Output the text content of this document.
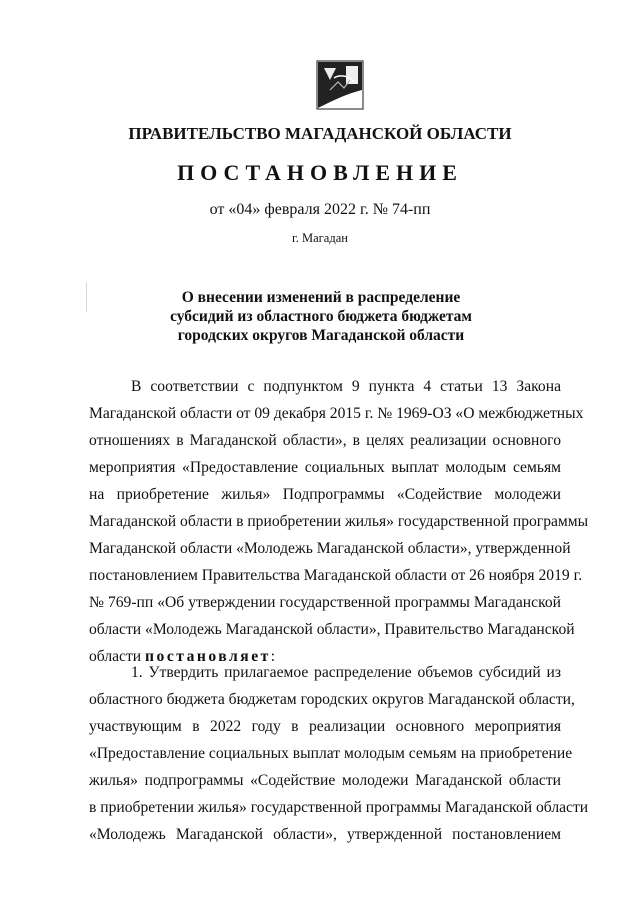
ПРАВИТЕЛЬСТВО МАГАДАНСКОЙ ОБЛАСТИ
ПОСТАНОВЛЕНИЕ
от «04» февраля 2022 г. № 74-пп
г. Магадан
О внесении изменений в распределение
субсидий из областного бюджета бюджетам
городских округов Магаданской области
В соответствии с подпунктом 9 пункта 4 статьи 13 Закона
Магаданской области от 09 декабря 2015 г. № 1969-ОЗ «О межбюджетных
отношениях в Магаданской области», в целях реализации основного
мероприятия «Предоставление социальных выплат молодым семьям
на приобретение жилья» Подпрограммы «Содействие молодежи
Магаданской области в приобретении жилья» государственной программы
Магаданской области «Молодежь Магаданской области», утвержденной
постановлением Правительства Магаданской области от 26 ноября 2019 г.
№ 769-пп «Об утверждении государственной программы Магаданской
области «Молодежь Магаданской области», Правительство Магаданской
области постановляет:
1. Утвердить прилагаемое распределение объемов субсидий из
областного бюджета бюджетам городских округов Магаданской области,
участвующим в 2022 году в реализации основного мероприятия
«Предоставление социальных выплат молодым семьям на приобретение
жилья» подпрограммы «Содействие молодежи Магаданской области
в приобретении жилья» государственной программы Магаданской области
«Молодежь Магаданской области», утвержденной постановлением
